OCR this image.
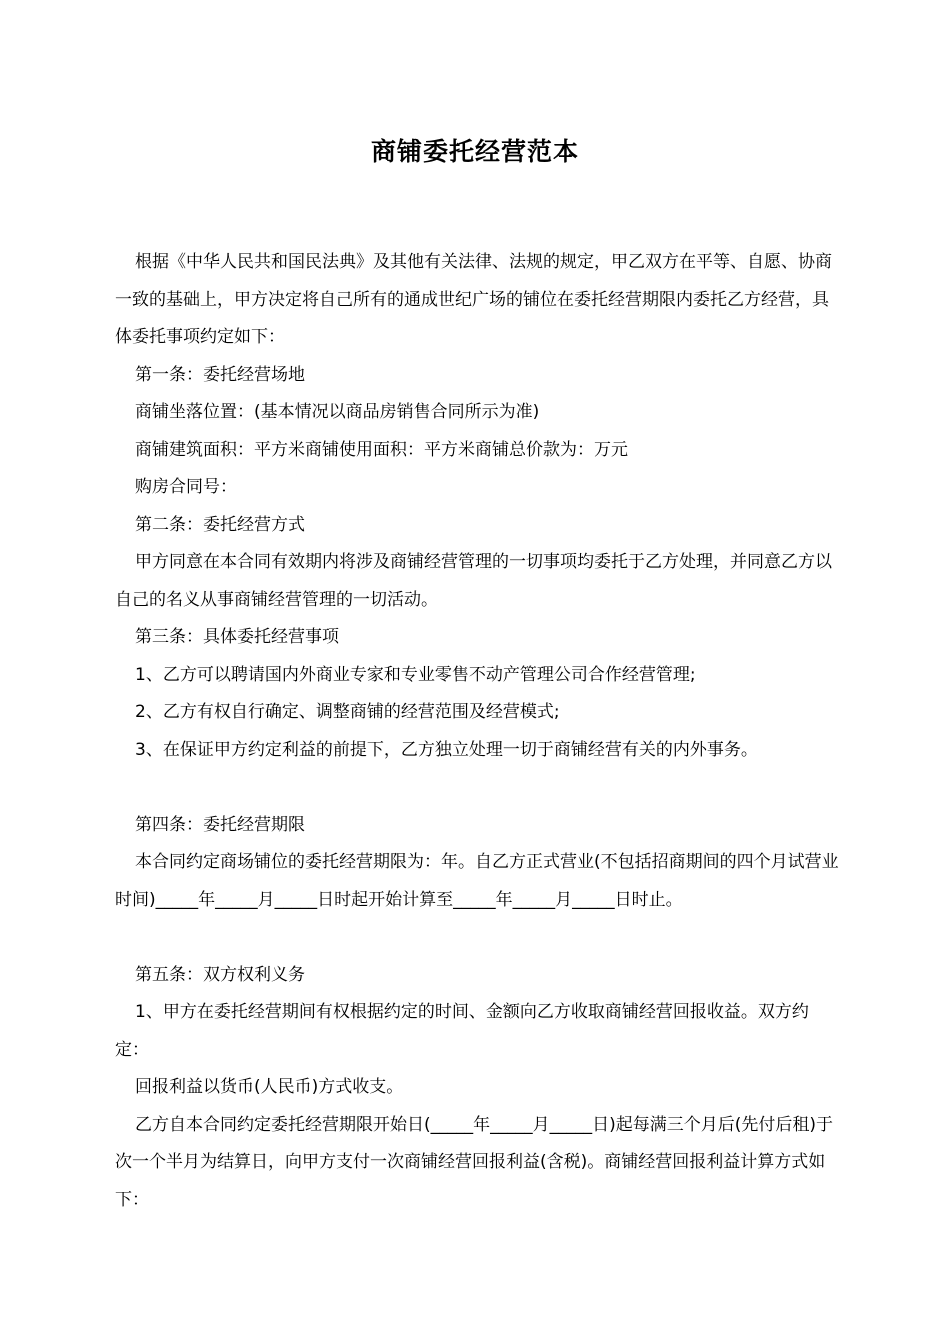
商铺委托经营范本

根据《中华人民共和国民法典》及其他有关法律、法规的规定，甲乙双方在平等、自愿、协商一致的基础上，甲方决定将自己所有的通成世纪广场的铺位在委托经营期限内委托乙方经营，具体委托事项约定如下：

第一条：委托经营场地

商铺坐落位置：(基本情况以商品房销售合同所示为准)

商铺建筑面积：平方米商铺使用面积：平方米商铺总价款为：万元

购房合同号：

第二条：委托经营方式

甲方同意在本合同有效期内将涉及商铺经营管理的一切事项均委托于乙方处理，并同意乙方以自己的名义从事商铺经营管理的一切活动。

第三条：具体委托经营事项

1、乙方可以聘请国内外商业专家和专业零售不动产管理公司合作经营管理;

2、乙方有权自行确定、调整商铺的经营范围及经营模式;

3、在保证甲方约定利益的前提下，乙方独立处理一切于商铺经营有关的内外事务。

第四条：委托经营期限

本合同约定商场铺位的委托经营期限为：年。自乙方正式营业(不包括招商期间的四个月试营业时间)_____年_____月_____日时起开始计算至_____年_____月_____日时止。

第五条：双方权利义务

1、甲方在委托经营期间有权根据约定的时间、金额向乙方收取商铺经营回报收益。双方约定：

回报利益以货币(人民币)方式收支。

乙方自本合同约定委托经营期限开始日(_____年_____月_____日)起每满三个月后(先付后租)于次一个半月为结算日，向甲方支付一次商铺经营回报利益(含税)。商铺经营回报利益计算方式如下：
